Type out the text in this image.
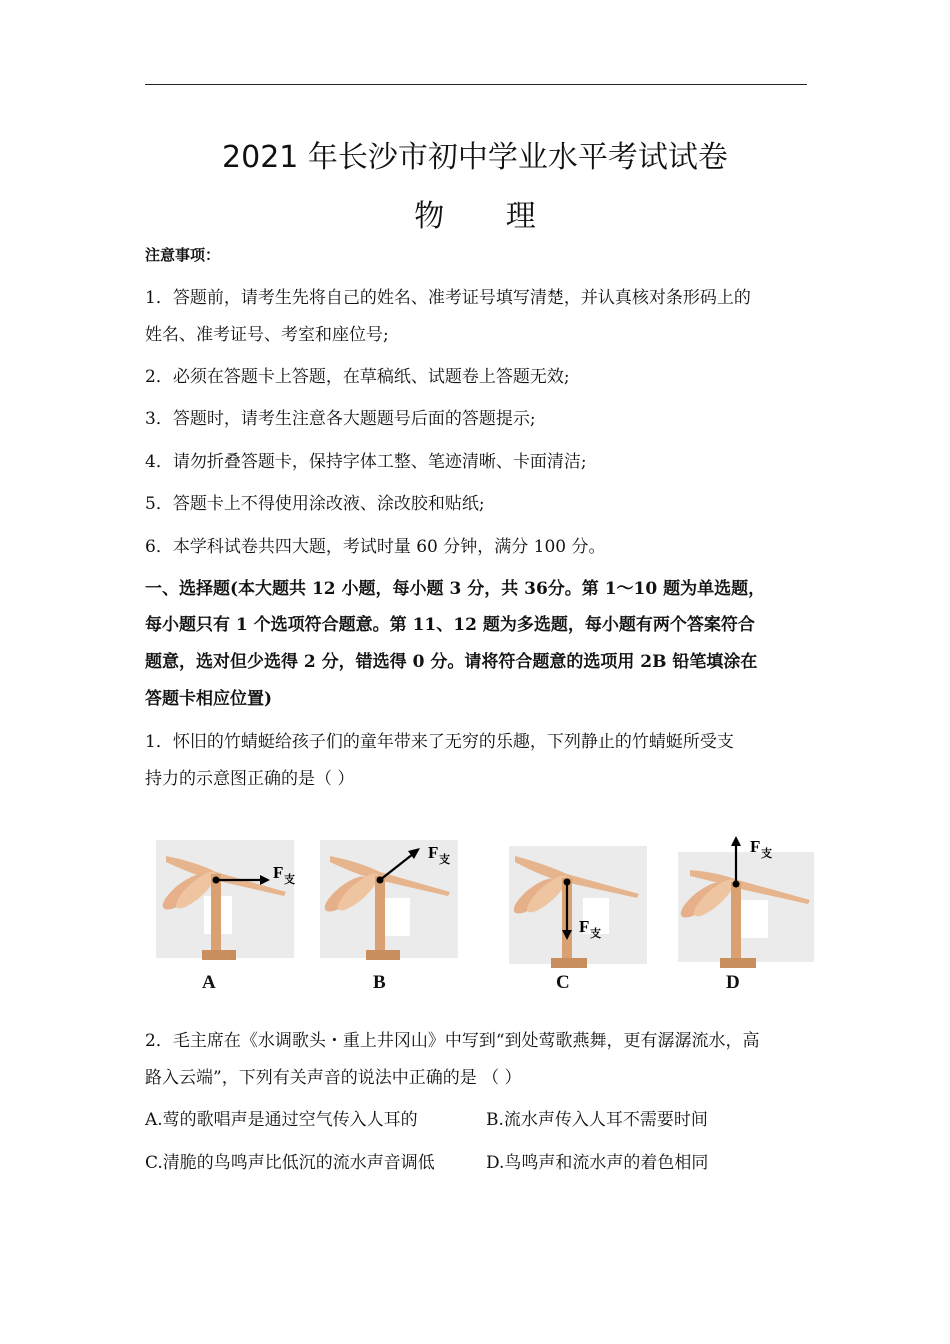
2021 年长沙市初中学业水平考试试卷
物 理
注意事项：
1．答题前，请考生先将自己的姓名、准考证号填写清楚，并认真核对条形码上的
姓名、准考证号、考室和座位号;
2．必须在答题卡上答题，在草稿纸、试题卷上答题无效;
3．答题时，请考生注意各大题题号后面的答题提示;
4．请勿折叠答题卡，保持字体工整、笔迹清晰、卡面清洁;
5．答题卡上不得使用涂改液、涂改胶和贴纸;
6．本学科试卷共四大题，考试时量 60 分钟，满分 100 分。
一、选择题(本大题共 12 小题，每小题 3 分，共 36分。第 1～10 题为单选题，
每小题只有 1 个选项符合题意。第 11、12 题为多选题，每小题有两个答案符合
题意，选对但少选得 2 分，错选得 0 分。请将符合题意的选项用 2B 铅笔填涂在
答题卡相应位置)
1．怀旧的竹蜻蜓给孩子们的童年带来了无穷的乐趣，下列静止的竹蜻蜓所受支
持力的示意图正确的是（ ）
F 支
F 支
F 支
F 支
A	B	C	D
2．毛主席在《水调歌头・重上井冈山》中写到“到处莺歌燕舞，更有潺潺流水，高
路入云端”，下列有关声音的说法中正确的是 （ ）
A.莺的歌唱声是通过空气传入人耳的	B.流水声传入人耳不需要时间
C.清脆的鸟鸣声比低沉的流水声音调低	D.鸟鸣声和流水声的着色相同
